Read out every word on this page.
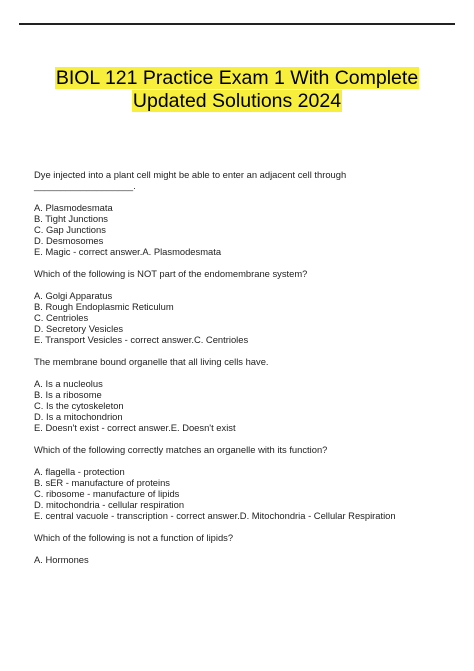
BIOL 121 Practice Exam 1 With Complete
Updated Solutions 2024

Dye injected into a plant cell might be able to enter an adjacent cell through

___________________.

A. Plasmodesmata

B. Tight Junctions

C. Gap Junctions

D. Desmosomes

E. Magic - correct answer.A. Plasmodesmata

Which of the following is NOT part of the endomembrane system?

A. Golgi Apparatus

B. Rough Endoplasmic Reticulum

C. Centrioles

D. Secretory Vesicles

E. Transport Vesicles - correct answer.C. Centrioles

The membrane bound organelle that all living cells have.

A. Is a nucleolus

B. Is a ribosome

C. Is the cytoskeleton

D. Is a mitochondrion

E. Doesn't exist - correct answer.E. Doesn't exist

Which of the following correctly matches an organelle with its function?

A. flagella - protection

B. sER - manufacture of proteins

C. ribosome - manufacture of lipids

D. mitochondria - cellular respiration

E. central vacuole - transcription - correct answer.D. Mitochondria - Cellular Respiration

Which of the following is not a function of lipids?

A. Hormones
